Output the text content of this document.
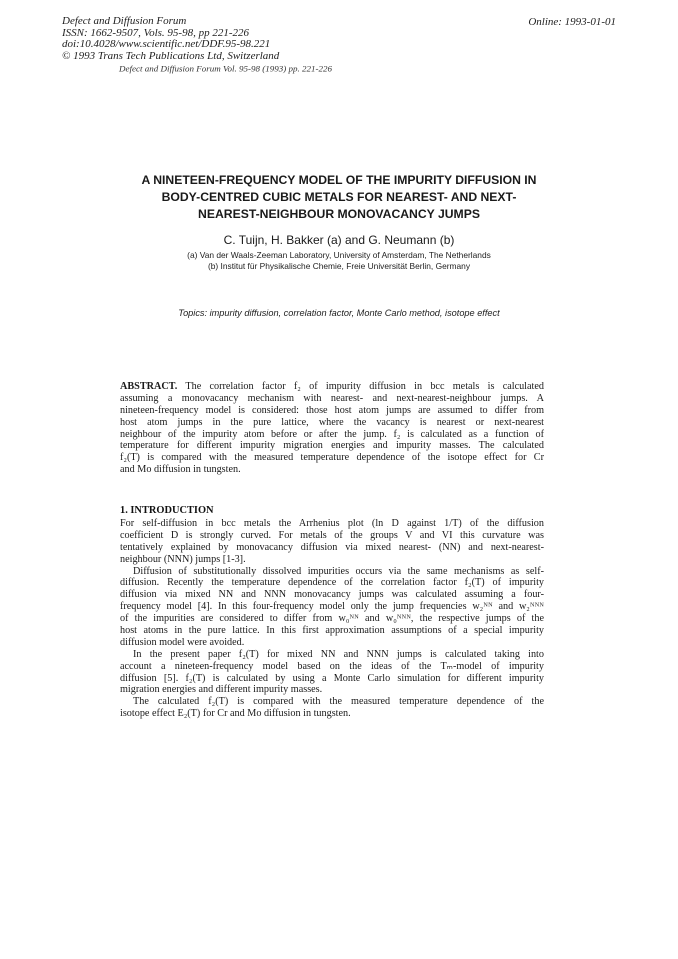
Defect and Diffusion Forum
ISSN: 1662-9507, Vols. 95-98, pp 221-226
doi:10.4028/www.scientific.net/DDF.95-98.221
© 1993 Trans Tech Publications Ltd, Switzerland
Online: 1993-01-01
Defect and Diffusion Forum Vol. 95-98 (1993) pp. 221-226
A NINETEEN-FREQUENCY MODEL OF THE IMPURITY DIFFUSION IN
BODY-CENTRED CUBIC METALS FOR NEAREST- AND NEXT-
NEAREST-NEIGHBOUR MONOVACANCY JUMPS
C. Tuijn, H. Bakker (a) and G. Neumann (b)
(a) Van der Waals-Zeeman Laboratory, University of Amsterdam, The Netherlands
(b) Institut für Physikalische Chemie, Freie Universität Berlin, Germany
Topics: impurity diffusion, correlation factor, Monte Carlo method, isotope effect
ABSTRACT. The correlation factor f₂ of impurity diffusion in bcc metals is calculated
assuming a monovacancy mechanism with nearest- and next-nearest-neighbour jumps. A
nineteen-frequency model is considered: those host atom jumps are assumed to differ from
host atom jumps in the pure lattice, where the vacancy is nearest or next-nearest
neighbour of the impurity atom before or after the jump. f₂ is calculated as a function of
temperature for different impurity migration energies and impurity masses. The calculated
f₂(T) is compared with the measured temperature dependence of the isotope effect for Cr
and Mo diffusion in tungsten.
1. INTRODUCTION
For self-diffusion in bcc metals the Arrhenius plot (ln D against 1/T) of the diffusion
coefficient D is strongly curved. For metals of the groups V and VI this curvature was
tentatively explained by monovacancy diffusion via mixed nearest- (NN) and next-nearest-
neighbour (NNN) jumps [1-3].
Diffusion of substitutionally dissolved impurities occurs via the same mechanisms as self-
diffusion. Recently the temperature dependence of the correlation factor f₂(T) of impurity
diffusion via mixed NN and NNN monovacancy jumps was calculated assuming a four-
frequency model [4]. In this four-frequency model only the jump frequencies w₂ᴺᴺ and w₂ᴺᴺᴺ
of the impurities are considered to differ from w₀ᴺᴺ and w₀ᴺᴺᴺ, the respective jumps of the
host atoms in the pure lattice. In this first approximation assumptions of a special impurity
diffusion model were avoided.
In the present paper f₂(T) for mixed NN and NNN jumps is calculated taking into
account a nineteen-frequency model based on the ideas of the Tₘ-model of impurity
diffusion [5]. f₂(T) is calculated by using a Monte Carlo simulation for different impurity
migration energies and different impurity masses.
The calculated f₂(T) is compared with the measured temperature dependence of the
isotope effect E₂(T) for Cr and Mo diffusion in tungsten.
